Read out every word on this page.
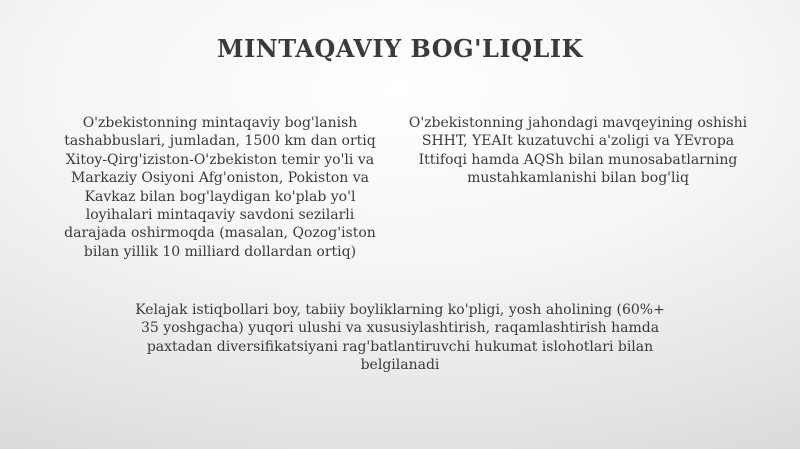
MINTAQAVIY BOG'LIQLIK

O'zbekistonning mintaqaviy bog'lanish tashabbuslari, jumladan, 1500 km dan ortiq Xitoy-Qirg'iziston-O'zbekiston temir yo'li va Markaziy Osiyoni Afg'oniston, Pokiston va Kavkaz bilan bog'laydigan ko'plab yo'l loyihalari mintaqaviy savdoni sezilarli darajada oshirmoqda (masalan, Qozog'iston bilan yillik 10 milliard dollardan ortiq)

O'zbekistonning jahondagi mavqeyining oshishi SHHT, YEAIt kuzatuvchi a'zoligi va YEvropa Ittifoqi hamda AQSh bilan munosabatlarning mustahkamlanishi bilan bog'liq

Kelajak istiqbollari boy, tabiiy boyliklarning ko'pligi, yosh aholining (60%+ 35 yoshgacha) yuqori ulushi va xususiylashtirish, raqamlashtirish hamda paxtadan diversifikatsiyani rag'batlantiruvchi hukumat islohotlari bilan belgilanadi
